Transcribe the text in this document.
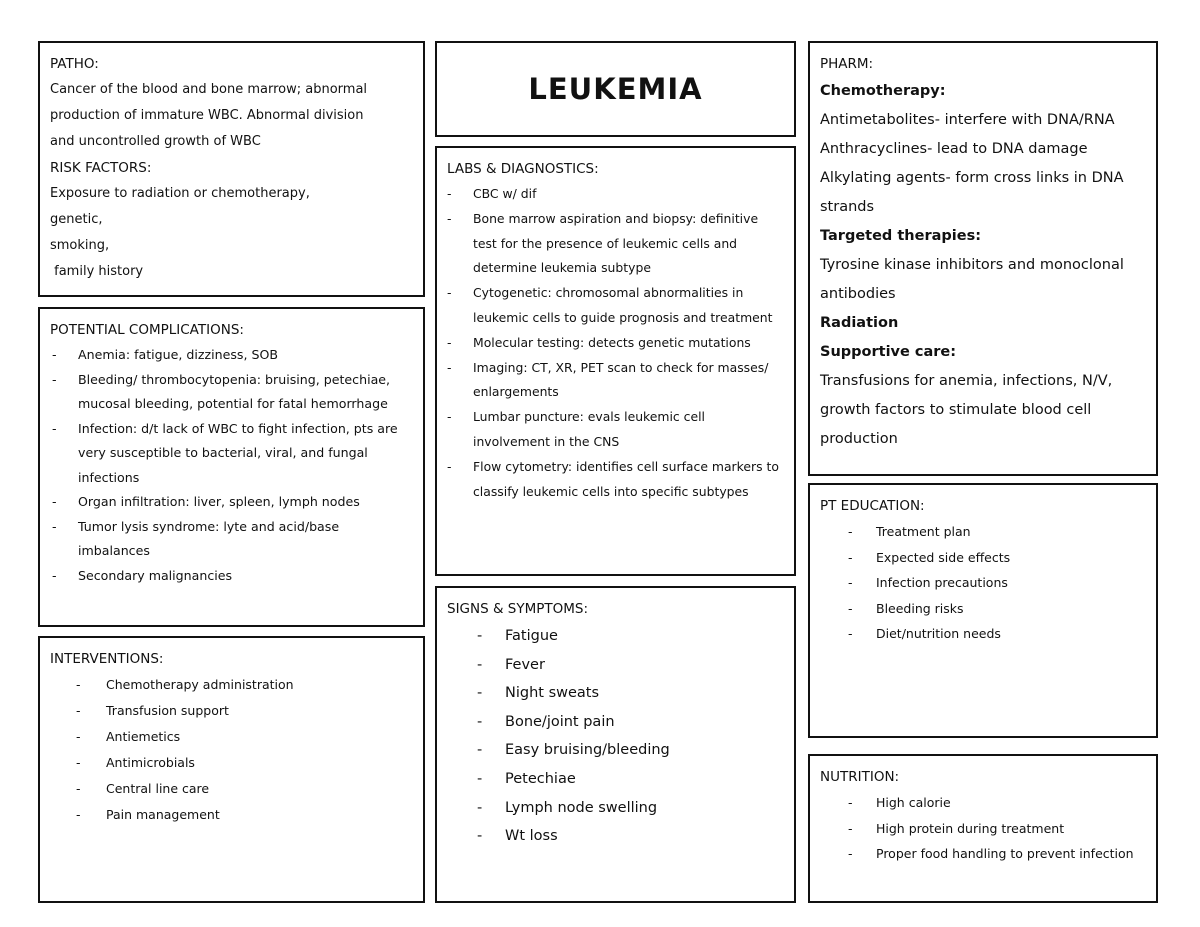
PATHO:

Cancer of the blood and bone marrow; abnormal

production of immature WBC. Abnormal division

and uncontrolled growth of WBC

RISK FACTORS:

Exposure to radiation or chemotherapy,

genetic,

smoking,

family history

POTENTIAL COMPLICATIONS:

- Anemia: fatigue, dizziness, SOB
- Bleeding/ thrombocytopenia: bruising, petechiae, mucosal bleeding, potential for fatal hemorrhage
- Infection: d/t lack of WBC to fight infection, pts are very susceptible to bacterial, viral, and fungal infections
- Organ infiltration: liver, spleen, lymph nodes
- Tumor lysis syndrome: lyte and acid/base imbalances
- Secondary malignancies

INTERVENTIONS:

- Chemotherapy administration
- Transfusion support
- Antiemetics
- Antimicrobials
- Central line care
- Pain management
LEUKEMIA

LABS & DIAGNOSTICS:

- CBC w/ dif
- Bone marrow aspiration and biopsy: definitive test for the presence of leukemic cells and determine leukemia subtype
- Cytogenetic: chromosomal abnormalities in leukemic cells to guide prognosis and treatment
- Molecular testing: detects genetic mutations
- Imaging: CT, XR, PET scan to check for masses/ enlargements
- Lumbar puncture: evals leukemic cell involvement in the CNS
- Flow cytometry: identifies cell surface markers to classify leukemic cells into specific subtypes

SIGNS & SYMPTOMS:

- Fatigue
- Fever
- Night sweats
- Bone/joint pain
- Easy bruising/bleeding
- Petechiae
- Lymph node swelling
- Wt loss

PHARM:

Chemotherapy:

Antimetabolites- interfere with DNA/RNA

Anthracyclines- lead to DNA damage

Alkylating agents- form cross links in DNA strands

Targeted therapies:

Tyrosine kinase inhibitors and monoclonal antibodies

Radiation

Supportive care:

Transfusions for anemia, infections, N/V, growth factors to stimulate blood cell production

PT EDUCATION:

- Treatment plan
- Expected side effects
- Infection precautions
- Bleeding risks
- Diet/nutrition needs

NUTRITION:

- High calorie
- High protein during treatment
- Proper food handling to prevent infection
